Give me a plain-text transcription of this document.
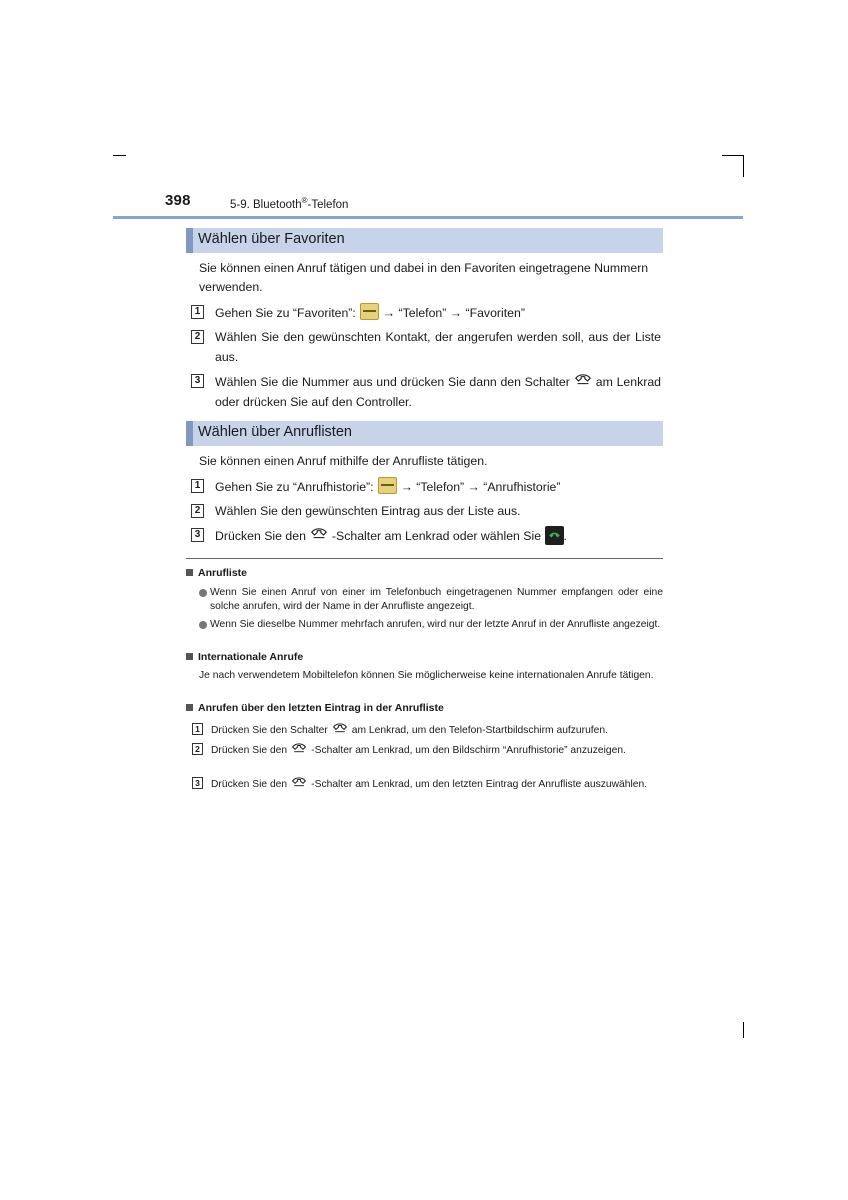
398	5-9. Bluetooth®-Telefon
Wählen über Favoriten
Sie können einen Anruf tätigen und dabei in den Favoriten eingetragene Nummern verwenden.
1	Gehen Sie zu “Favoriten”: → “Telefon” → “Favoriten”
2	Wählen Sie den gewünschten Kontakt, der angerufen werden soll, aus der Liste aus.
3	Wählen Sie die Nummer aus und drücken Sie dann den Schalter am Lenkrad oder drücken Sie auf den Controller.
Wählen über Anruflisten
Sie können einen Anruf mithilfe der Anrufliste tätigen.
1	Gehen Sie zu “Anrufhistorie”: → “Telefon” → “Anrufhistorie”
2	Wählen Sie den gewünschten Eintrag aus der Liste aus.
3	Drücken Sie den -Schalter am Lenkrad oder wählen Sie .
Anrufliste
Wenn Sie einen Anruf von einer im Telefonbuch eingetragenen Nummer empfangen oder eine solche anrufen, wird der Name in der Anrufliste angezeigt.
Wenn Sie dieselbe Nummer mehrfach anrufen, wird nur der letzte Anruf in der Anrufliste angezeigt.
Internationale Anrufe
Je nach verwendetem Mobiltelefon können Sie möglicherweise keine internationalen Anrufe tätigen.
Anrufen über den letzten Eintrag in der Anrufliste
1	Drücken Sie den Schalter am Lenkrad, um den Telefon-Startbildschirm aufzurufen.
2	Drücken Sie den -Schalter am Lenkrad, um den Bildschirm “Anrufhistorie” anzuzeigen.
3	Drücken Sie den -Schalter am Lenkrad, um den letzten Eintrag der Anrufliste auszuwählen.
